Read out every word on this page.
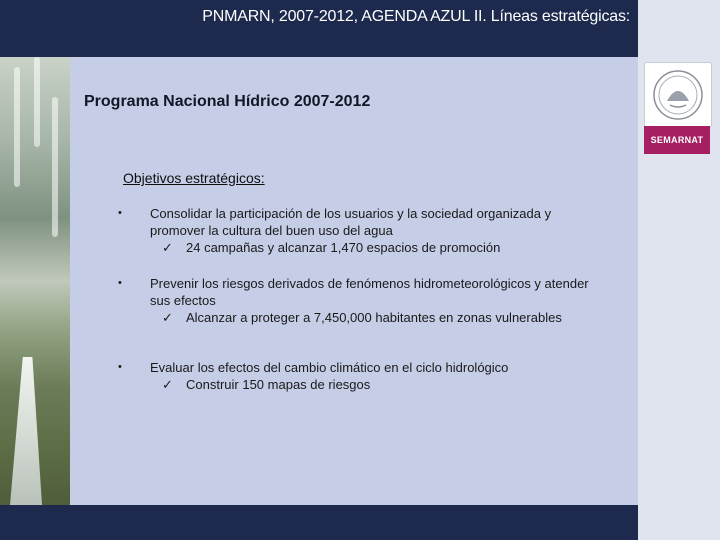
PNMARN, 2007-2012, AGENDA AZUL II. Líneas estratégicas:
SEMARNAT
Programa Nacional Hídrico 2007-2012
Objetivos estratégicos:
•	Consolidar la participación de los usuarios y la sociedad organizada y promover la cultura del buen uso del agua
✓ 24 campañas y alcanzar 1,470 espacios de promoción
•	Prevenir los riesgos derivados de fenómenos hidrometeorológicos y atender sus efectos
✓ Alcanzar a proteger a 7,450,000 habitantes en zonas vulnerables
•	Evaluar los efectos del cambio climático en el ciclo hidrológico
✓ Construir 150 mapas de riesgos
